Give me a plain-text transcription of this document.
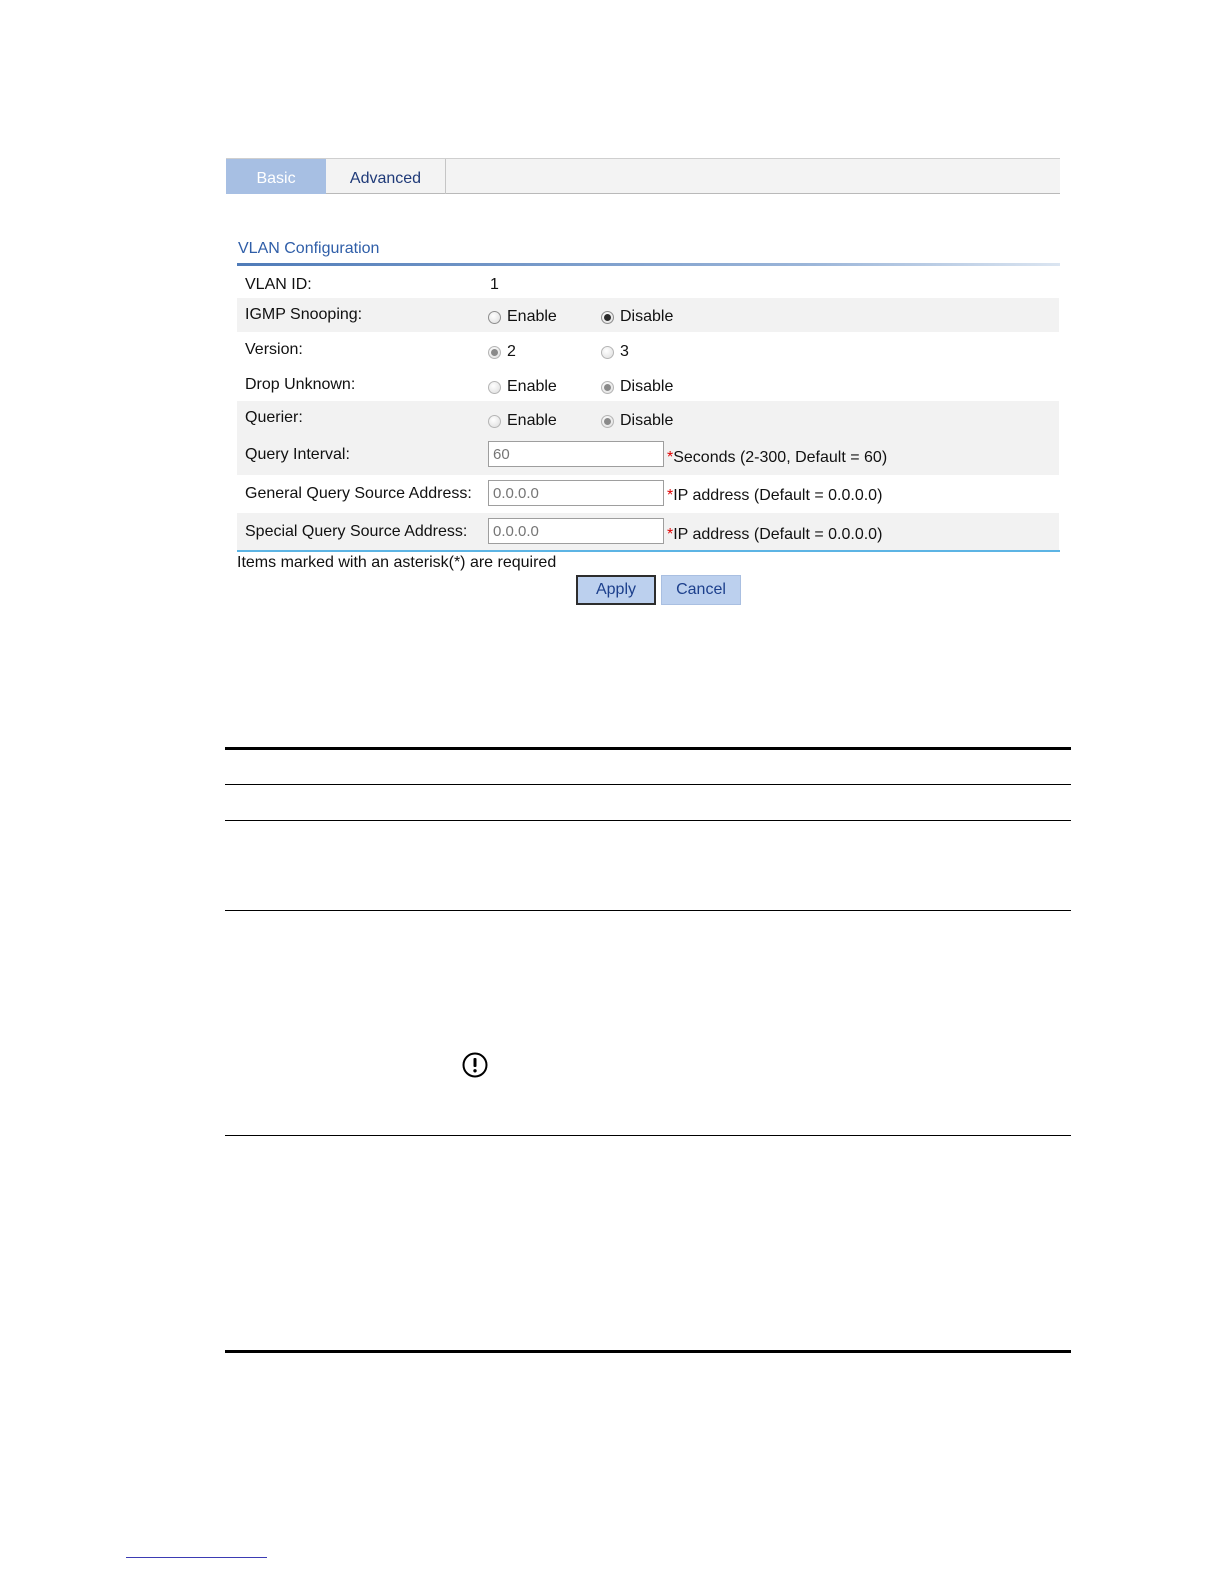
Basic	Advanced
VLAN Configuration
VLAN ID:	1
IGMP Snooping:	Enable	Disable
Version:	2	3
Drop Unknown:	Enable	Disable
Querier:	Enable	Disable
Query Interval:
60	*Seconds (2-300, Default = 60)
General Query Source Address:
0.0.0.0	*IP address (Default = 0.0.0.0)
Special Query Source Address:
0.0.0.0	*IP address (Default = 0.0.0.0)
Items marked with an asterisk(*) are required
Apply	Cancel
